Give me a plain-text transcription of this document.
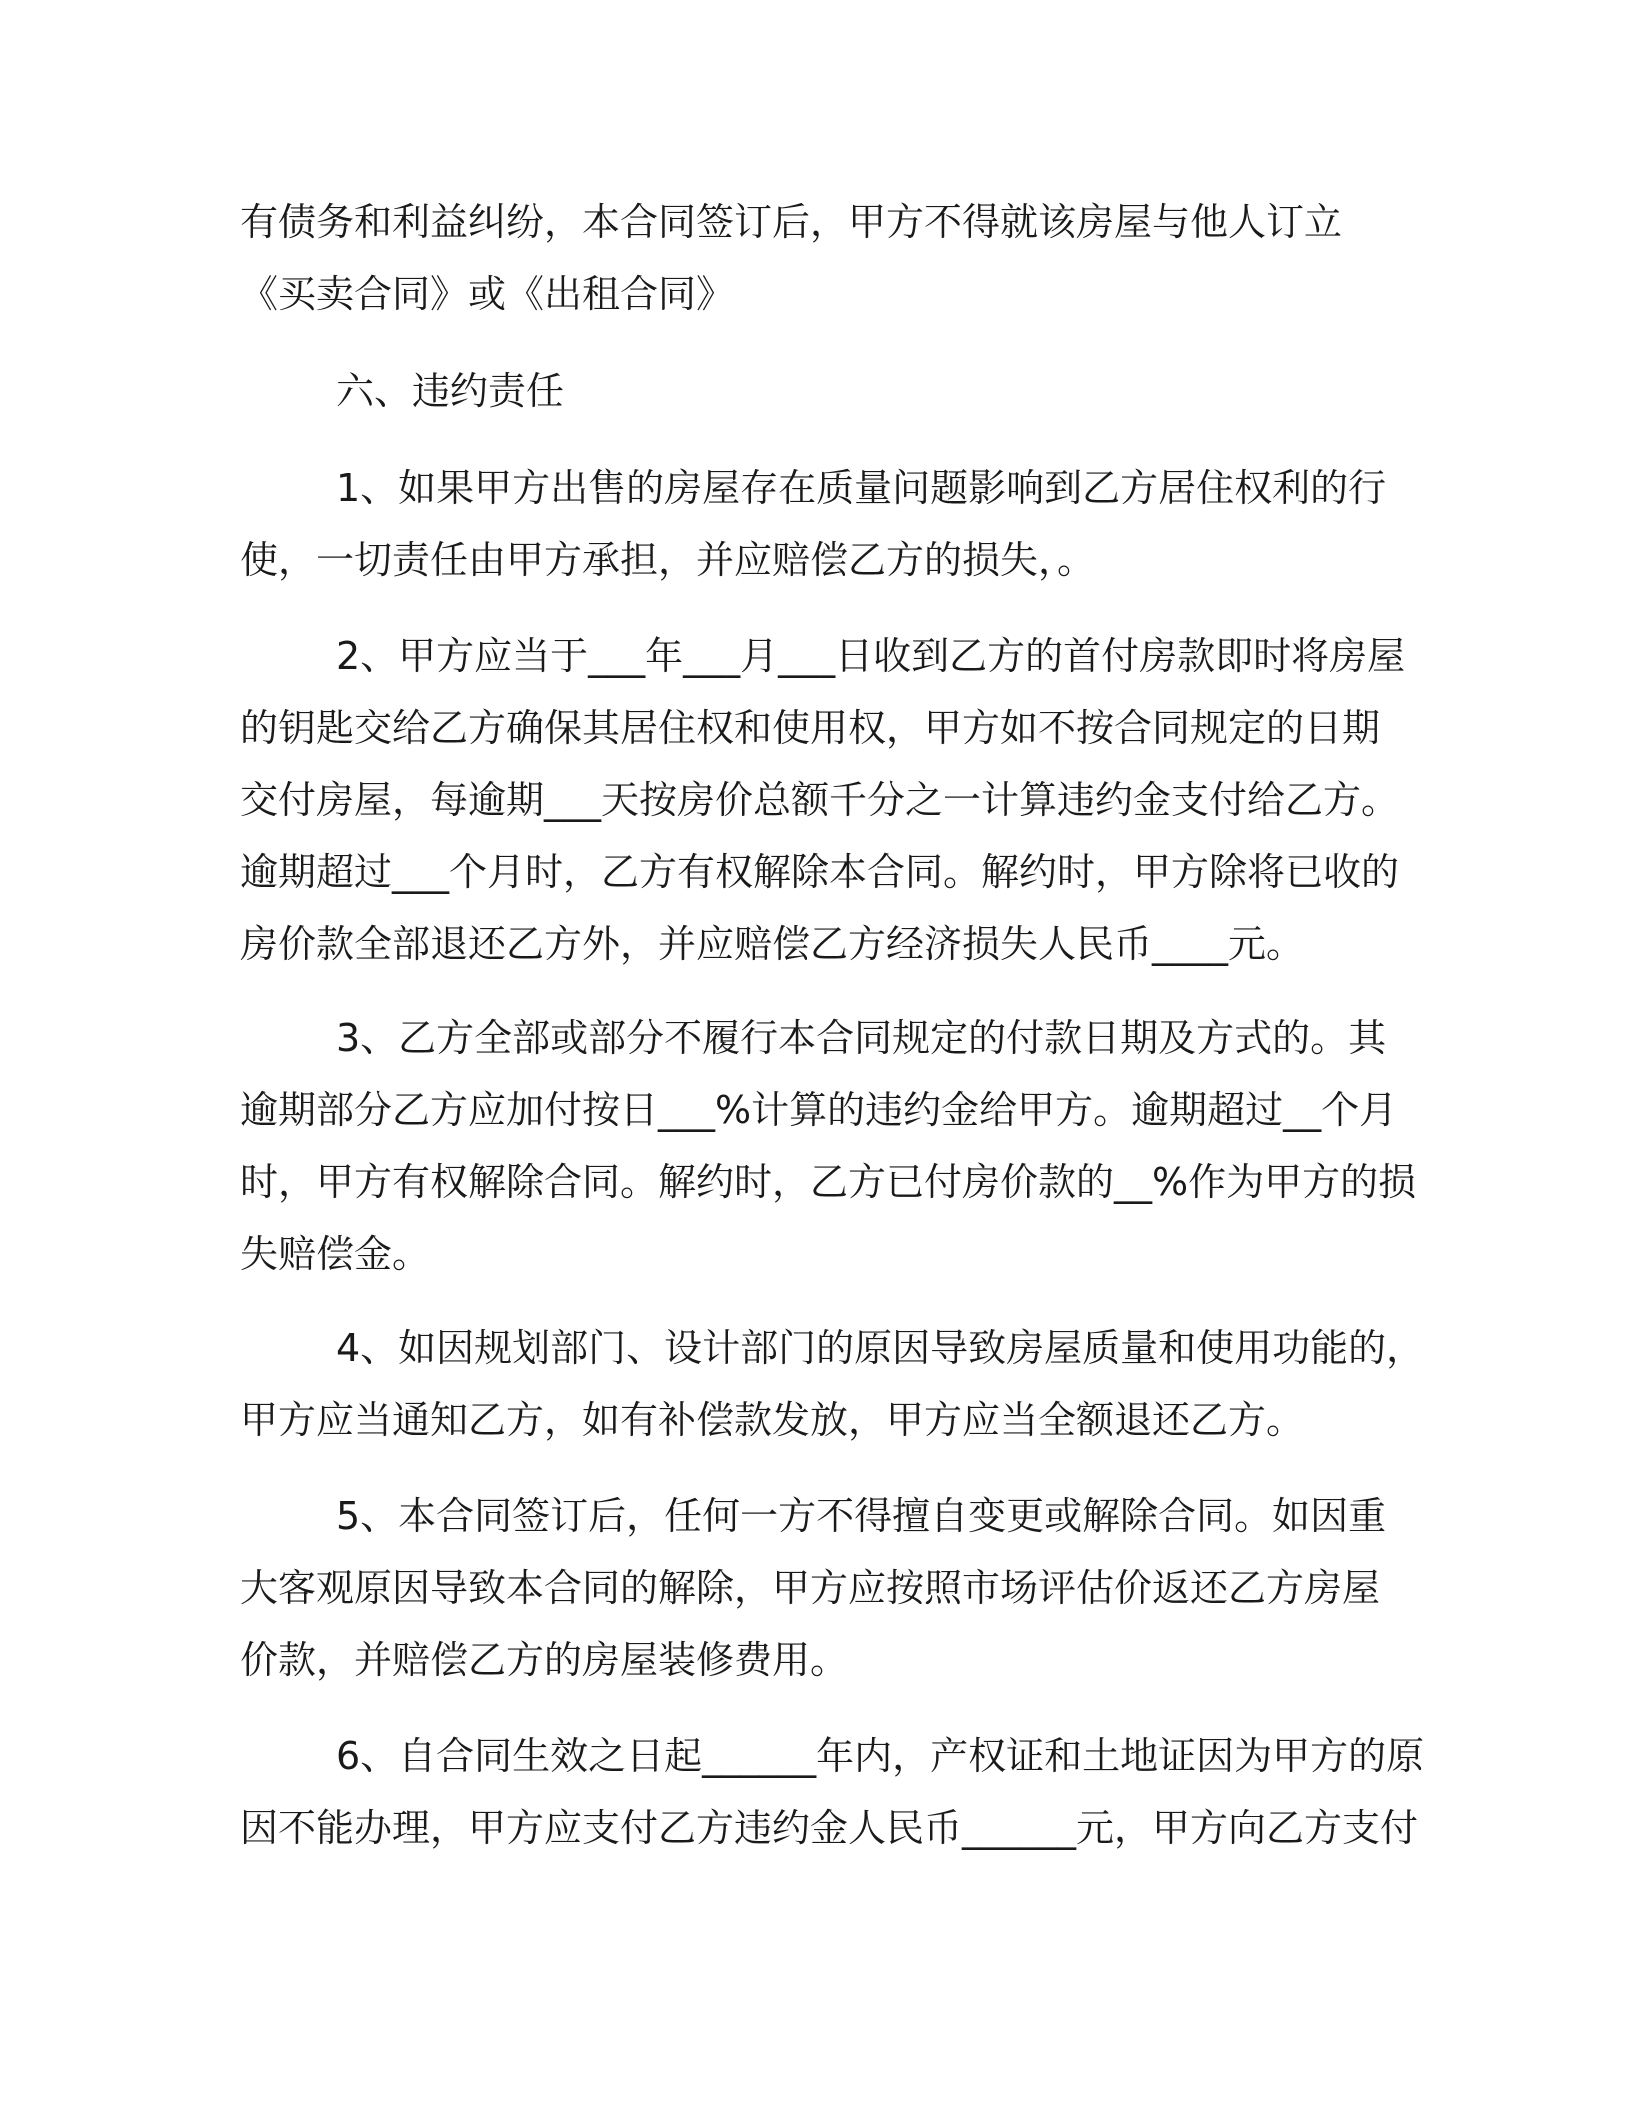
有债务和利益纠纷，本合同签订后，甲方不得就该房屋与他人订立
《买卖合同》或《出租合同》
六、违约责任
1、如果甲方出售的房屋存在质量问题影响到乙方居住权利的行
使，一切责任由甲方承担，并应赔偿乙方的损失，。
2、甲方应当于___年___月___日收到乙方的首付房款即时将房屋
的钥匙交给乙方确保其居住权和使用权，甲方如不按合同规定的日期
交付房屋，每逾期___天按房价总额千分之一计算违约金支付给乙方。
逾期超过___个月时，乙方有权解除本合同。解约时，甲方除将已收的
房价款全部退还乙方外，并应赔偿乙方经济损失人民币____元。
3、乙方全部或部分不履行本合同规定的付款日期及方式的。其
逾期部分乙方应加付按日___%计算的违约金给甲方。逾期超过__个月
时，甲方有权解除合同。解约时，乙方已付房价款的__%作为甲方的损
失赔偿金。
4、如因规划部门、设计部门的原因导致房屋质量和使用功能的，
甲方应当通知乙方，如有补偿款发放，甲方应当全额退还乙方。
5、本合同签订后，任何一方不得擅自变更或解除合同。如因重
大客观原因导致本合同的解除，甲方应按照市场评估价返还乙方房屋
价款，并赔偿乙方的房屋装修费用。
6、自合同生效之日起______年内，产权证和土地证因为甲方的原
因不能办理，甲方应支付乙方违约金人民币______元，甲方向乙方支付
